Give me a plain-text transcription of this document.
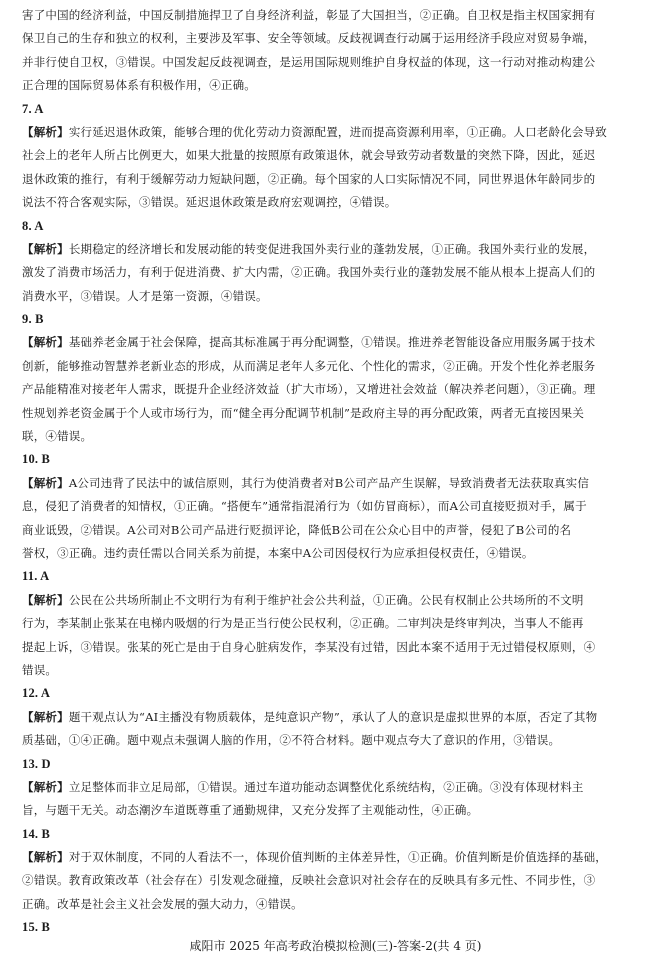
害了中国的经济利益，中国反制措施捍卫了自身经济利益，彰显了大国担当，②正确。自卫权是指主权国家拥有
保卫自己的生存和独立的权利，主要涉及军事、安全等领域。反歧视调查行动属于运用经济手段应对贸易争端，
并非行使自卫权，③错误。中国发起反歧视调查，是运用国际规则维护自身权益的体现，这一行动对推动构建公
正合理的国际贸易体系有积极作用，④正确。
7. A
【解析】实行延迟退休政策，能够合理的优化劳动力资源配置，进而提高资源利用率，①正确。人口老龄化会导致
社会上的老年人所占比例更大，如果大批量的按照原有政策退休，就会导致劳动者数量的突然下降，因此，延迟
退休政策的推行，有利于缓解劳动力短缺问题，②正确。每个国家的人口实际情况不同，同世界退休年龄同步的
说法不符合客观实际，③错误。延迟退休政策是政府宏观调控，④错误。
8. A
【解析】长期稳定的经济增长和发展动能的转变促进我国外卖行业的蓬勃发展，①正确。我国外卖行业的发展，
激发了消费市场活力，有利于促进消费、扩大内需，②正确。我国外卖行业的蓬勃发展不能从根本上提高人们的
消费水平，③错误。人才是第一资源，④错误。
9. B
【解析】基础养老金属于社会保障，提高其标准属于再分配调整，①错误。推进养老智能设备应用服务属于技术
创新，能够推动智慧养老新业态的形成，从而满足老年人多元化、个性化的需求，②正确。开发个性化养老服务
产品能精准对接老年人需求，既提升企业经济效益（扩大市场），又增进社会效益（解决养老问题），③正确。理
性规划养老资金属于个人或市场行为，而“健全再分配调节机制”是政府主导的再分配政策，两者无直接因果关
联，④错误。
10. B
【解析】A公司违背了民法中的诚信原则，其行为使消费者对B公司产品产生误解，导致消费者无法获取真实信
息，侵犯了消费者的知情权，①正确。“搭便车”通常指混淆行为（如仿冒商标），而A公司直接贬损对手，属于
商业诋毁，②错误。A公司对B公司产品进行贬损评论，降低B公司在公众心目中的声誉，侵犯了B公司的名
誉权，③正确。违约责任需以合同关系为前提，本案中A公司因侵权行为应承担侵权责任，④错误。
11. A
【解析】公民在公共场所制止不文明行为有利于维护社会公共利益，①正确。公民有权制止公共场所的不文明
行为，李某制止张某在电梯内吸烟的行为是正当行使公民权利，②正确。二审判决是终审判决，当事人不能再
提起上诉，③错误。张某的死亡是由于自身心脏病发作，李某没有过错，因此本案不适用于无过错侵权原则，④
错误。
12. A
【解析】题干观点认为“AI主播没有物质载体，是纯意识产物”，承认了人的意识是虚拟世界的本原，否定了其物
质基础，①④正确。题中观点未强调人脑的作用，②不符合材料。题中观点夸大了意识的作用，③错误。
13. D
【解析】立足整体而非立足局部，①错误。通过车道功能动态调整优化系统结构，②正确。③没有体现材料主
旨，与题干无关。动态潮汐车道既尊重了通勤规律，又充分发挥了主观能动性，④正确。
14. B
【解析】对于双休制度，不同的人看法不一，体现价值判断的主体差异性，①正确。价值判断是价值选择的基础，
②错误。教育政策改革（社会存在）引发观念碰撞，反映社会意识对社会存在的反映具有多元性、不同步性，③
正确。改革是社会主义社会发展的强大动力，④错误。
15. B
咸阳市 2025 年高考政治模拟检测(三)-答案-2(共 4 页)
